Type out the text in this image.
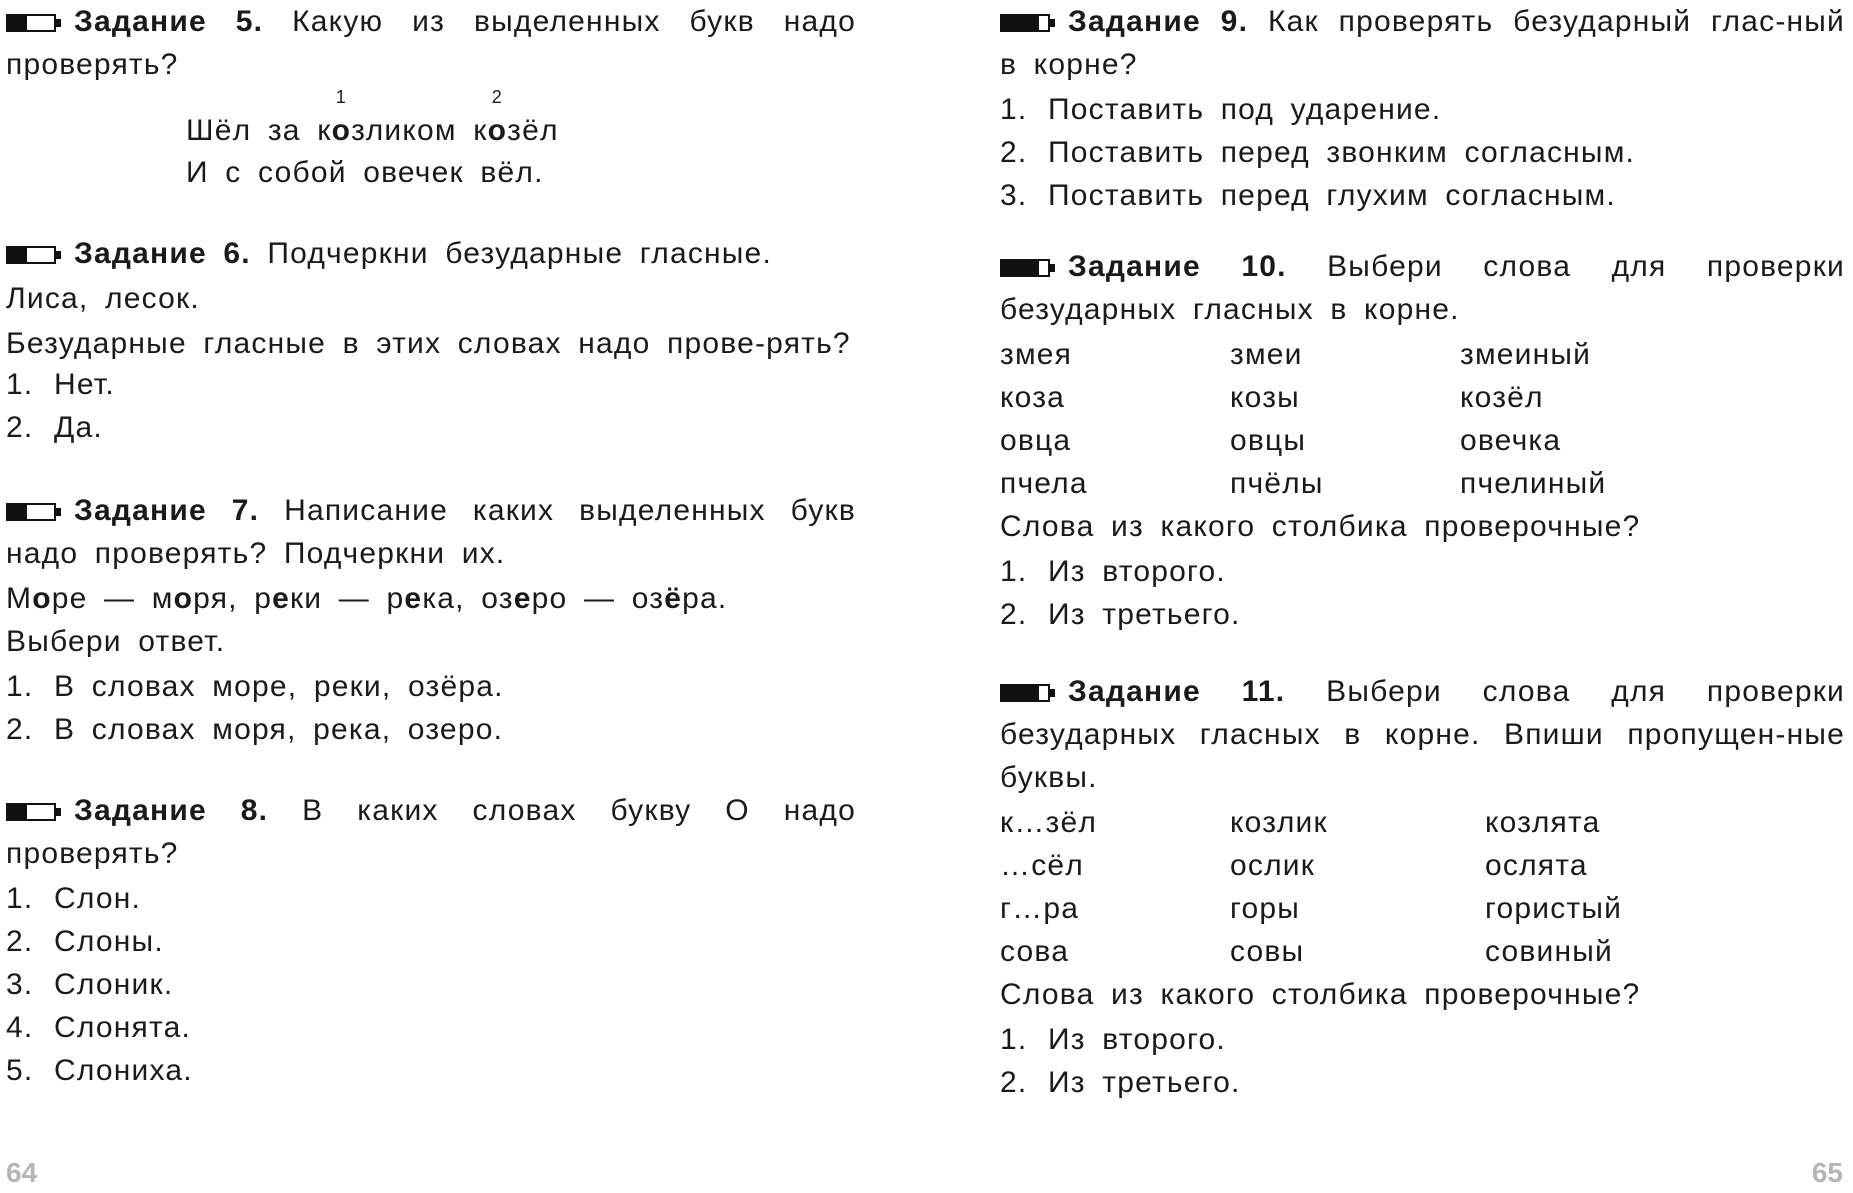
Задание 5. Какую из выделенных букв надо проверять?

Шёл за к
1
озликом к
2
озёл
И с собой овечек вёл.

Задание 6. Подчеркни безударные гласные.

Лиса, лесок.

Безударные гласные в этих словах надо прове-рять?

1. Нет.
2. Да.

Задание 7. Написание каких выделенных букв надо проверять? Подчеркни их.

Море — моря, реки — река, озеро — озёра.

Выбери ответ.

1. В словах море, реки, озёра.
2. В словах моря, река, озеро.

Задание 8. В каких словах букву О надо проверять?

1. Слон.
2. Слоны.
3. Слоник.
4. Слонята.
5. Слониха.

Задание 9. Как проверять безударный глас-ный в корне?

1. Поставить под ударение.
2. Поставить перед звонким согласным.
3. Поставить перед глухим согласным.

Задание 10. Выбери слова для проверки безударных гласных в корне.

змея	змеи	змеиный
коза	козы	козёл
овца	овцы	овечка
пчела	пчёлы	пчелиный

Слова из какого столбика проверочные?

1. Из второго.
2. Из третьего.

Задание 11. Выбери слова для проверки безударных гласных в корне. Впиши пропущен-ные буквы.

к…зёл	козлик	козлята
…сёл	ослик	ослята
г…ра	горы	гористый
сова	совы	совиный

Слова из какого столбика проверочные?

1. Из второго.
2. Из третьего.
64	65
